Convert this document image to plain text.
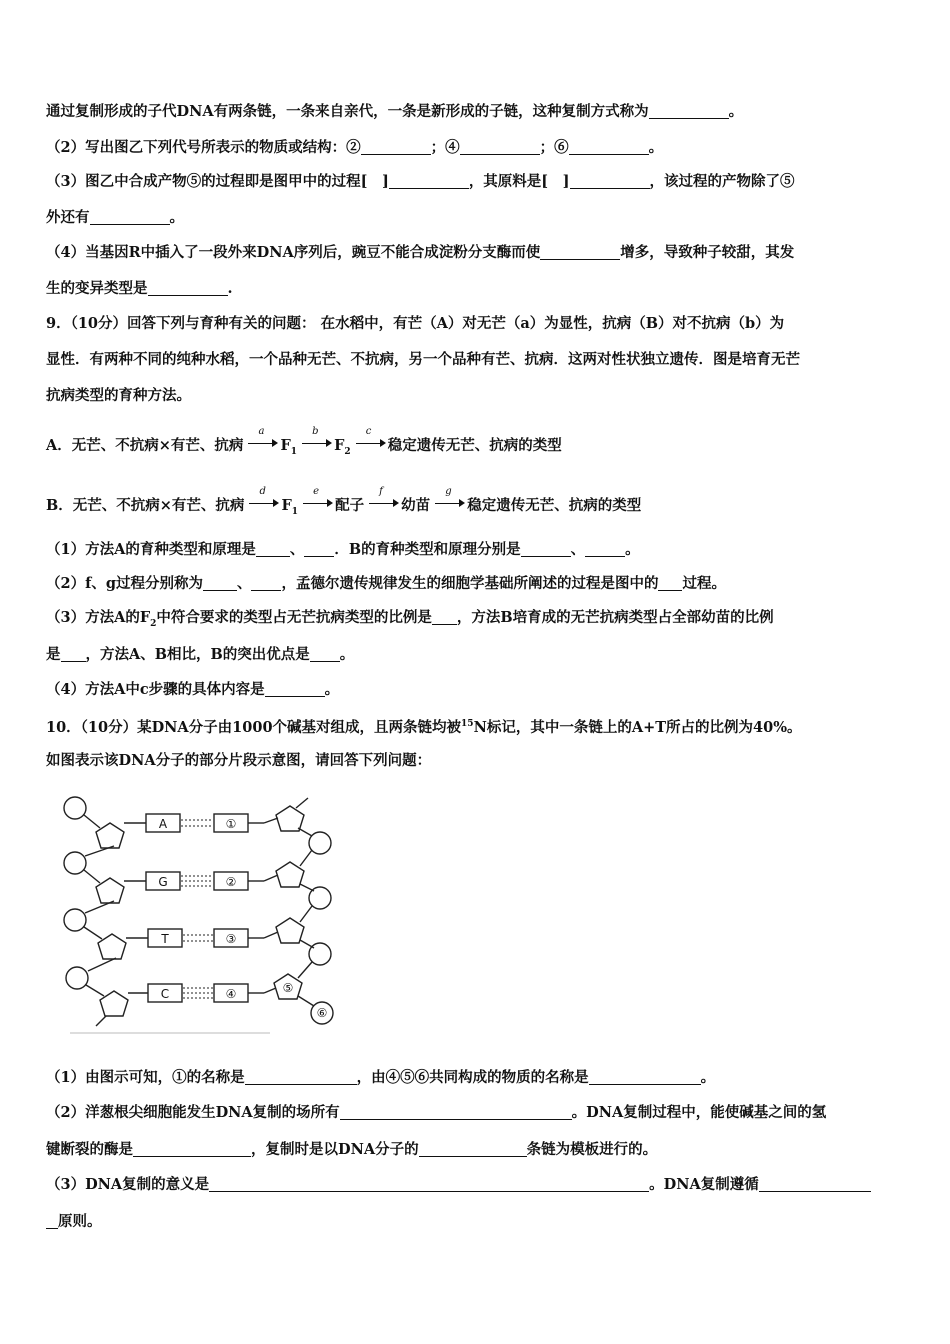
通过复制形成的子代DNA有两条链，一条来自亲代，一条是新形成的子链，这种复制方式称为	。
（2）写出图乙下列代号所表示的物质或结构：②	；④	；⑥	。
（3）图乙中合成产物⑤的过程即是图甲中的过程[　]	，其原料是[　]	，该过程的产物除了⑤
外还有	。
（4）当基因R中插入了一段外来DNA序列后，豌豆不能合成淀粉分支酶而使	增多，导致种子较甜，其发
生的变异类型是	.
9．（10分）回答下列与育种有关的问题： 在水稻中，有芒（A）对无芒（a）为显性，抗病（B）对不抗病（b）为
显性．有两种不同的纯种水稻，一个品种无芒、不抗病，另一个品种有芒、抗病．这两对性状独立遗传．图是培育无芒
抗病类型的育种方法。
A．无芒、不抗病×有芒、抗病
a
$F_1$
b
$F_2$
c
稳定遗传无芒、抗病的类型
B．无芒、不抗病×有芒、抗病
d
$F_1$
e
配子
f
幼苗
g
稳定遗传无芒、抗病的类型
（1）方法A的育种类型和原理是 、 ．B的育种类型和原理分别是	、	。
（2）f、g过程分别称为 、 ，孟德尔遗传规律发生的细胞学基础所阐述的过程是图中的 过程。
（3）方法A的$F_2$中符合要求的类型占无芒抗病类型的比例是 ，方法B培育成的无芒抗病类型占全部幼苗的比例
是 ，方法A、B相比，B的突出优点是 。
（4）方法A中c步骤的具体内容是	。
10．（10分）某DNA分子由1000个碱基对组成，且两条链均被$^{15}$N标记，其中一条链上的A+T所占的比例为40%。
如图表示该DNA分子的部分片段示意图，请回答下列问题：
A	①
G	②
T	③
C	④	⑤
⑥
（1）由图示可知，①的名称是	，由④⑤⑥共同构成的物质的名称是	。
（2）洋葱根尖细胞能发生DNA复制的场所有	。DNA复制过程中，能使碱基之间的氢
键断裂的酶是	，复制时是以DNA分子的	条链为模板进行的。
（3）DNA复制的意义是	。DNA复制遵循
原则。
